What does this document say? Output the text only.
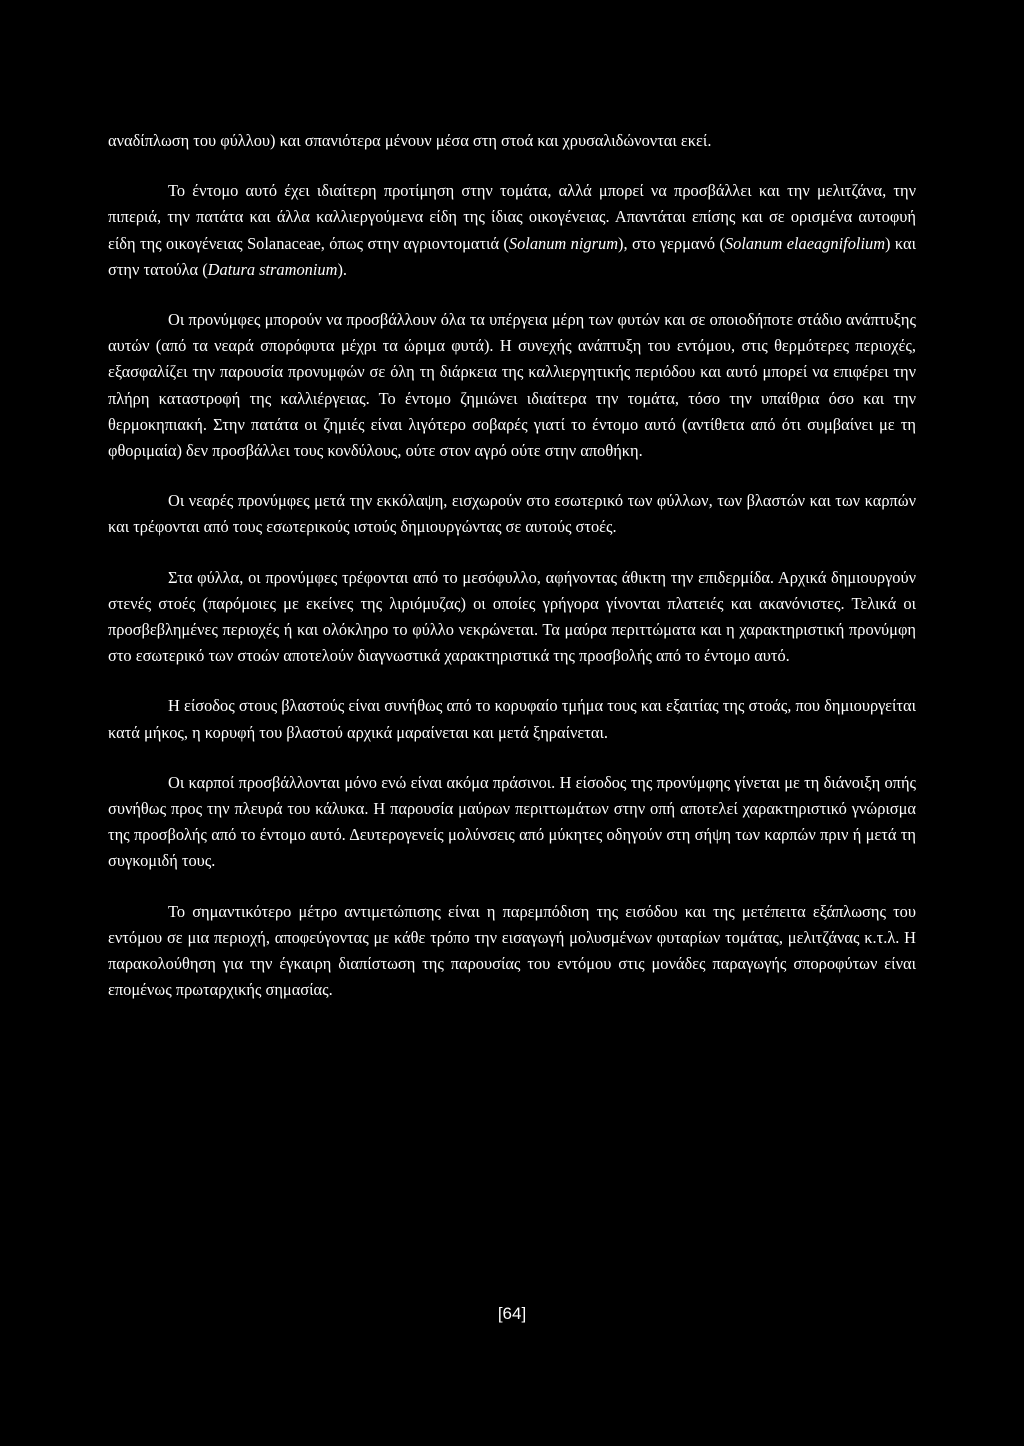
αναδίπλωση του φύλλου) και σπανιότερα μένουν μέσα στη στοά και χρυσαλιδώνονται εκεί.

Το έντομο αυτό έχει ιδιαίτερη προτίμηση στην τομάτα, αλλά μπορεί να προσβάλλει και την μελιτζάνα, την πιπεριά, την πατάτα και άλλα καλλιεργούμενα είδη της ίδιας οικογένειας. Απαντάται επίσης και σε ορισμένα αυτοφυή είδη της οικογένειας Solanaceae, όπως στην αγριοντοματιά (Solanum nigrum), στο γερμανό (Solanum elaeagnifolium) και στην τατούλα (Datura stramonium).

Οι προνύμφες μπορούν να προσβάλλουν όλα τα υπέργεια μέρη των φυτών και σε οποιοδήποτε στάδιο ανάπτυξης αυτών (από τα νεαρά σπορόφυτα μέχρι τα ώριμα φυτά). Η συνεχής ανάπτυξη του εντόμου, στις θερμότερες περιοχές, εξασφαλίζει την παρουσία προνυμφών σε όλη τη διάρκεια της καλλιεργητικής περιόδου και αυτό μπορεί να επιφέρει την πλήρη καταστροφή της καλλιέργειας. Το έντομο ζημιώνει ιδιαίτερα την τομάτα, τόσο την υπαίθρια όσο και την θερμοκηπιακή. Στην πατάτα οι ζημιές είναι λιγότερο σοβαρές γιατί το έντομο αυτό (αντίθετα από ότι συμβαίνει με τη φθοριμαία) δεν προσβάλλει τους κονδύλους, ούτε στον αγρό ούτε στην αποθήκη.

Οι νεαρές προνύμφες μετά την εκκόλαψη, εισχωρούν στο εσωτερικό των φύλλων, των βλαστών και των καρπών και τρέφονται από τους εσωτερικούς ιστούς δημιουργώντας σε αυτούς στοές.

Στα φύλλα, οι προνύμφες τρέφονται από το μεσόφυλλο, αφήνοντας άθικτη την επιδερμίδα. Αρχικά δημιουργούν στενές στοές (παρόμοιες με εκείνες της λιριόμυζας) οι οποίες γρήγορα γίνονται πλατειές και ακανόνιστες. Τελικά οι προσβεβλημένες περιοχές ή και ολόκληρο το φύλλο νεκρώνεται. Τα μαύρα περιττώματα και η χαρακτηριστική προνύμφη στο εσωτερικό των στοών αποτελούν διαγνωστικά χαρακτηριστικά της προσβολής από το έντομο αυτό.

Η είσοδος στους βλαστούς είναι συνήθως από το κορυφαίο τμήμα τους και εξαιτίας της στοάς, που δημιουργείται κατά μήκος, η κορυφή του βλαστού αρχικά μαραίνεται και μετά ξηραίνεται.

Οι καρποί προσβάλλονται μόνο ενώ είναι ακόμα πράσινοι. Η είσοδος της προνύμφης γίνεται με τη διάνοιξη οπής συνήθως προς την πλευρά του κάλυκα. Η παρουσία μαύρων περιττωμάτων στην οπή αποτελεί χαρακτηριστικό γνώρισμα της προσβολής από το έντομο αυτό. Δευτερογενείς μολύνσεις από μύκητες οδηγούν στη σήψη των καρπών πριν ή μετά τη συγκομιδή τους.

Το σημαντικότερο μέτρο αντιμετώπισης είναι η παρεμπόδιση της εισόδου και της μετέπειτα εξάπλωσης του εντόμου σε μια περιοχή, αποφεύγοντας με κάθε τρόπο την εισαγωγή μολυσμένων φυταρίων τομάτας, μελιτζάνας κ.τ.λ. Η παρακολούθηση για την έγκαιρη διαπίστωση της παρουσίας του εντόμου στις μονάδες παραγωγής σποροφύτων είναι επομένως πρωταρχικής σημασίας.

[64]
